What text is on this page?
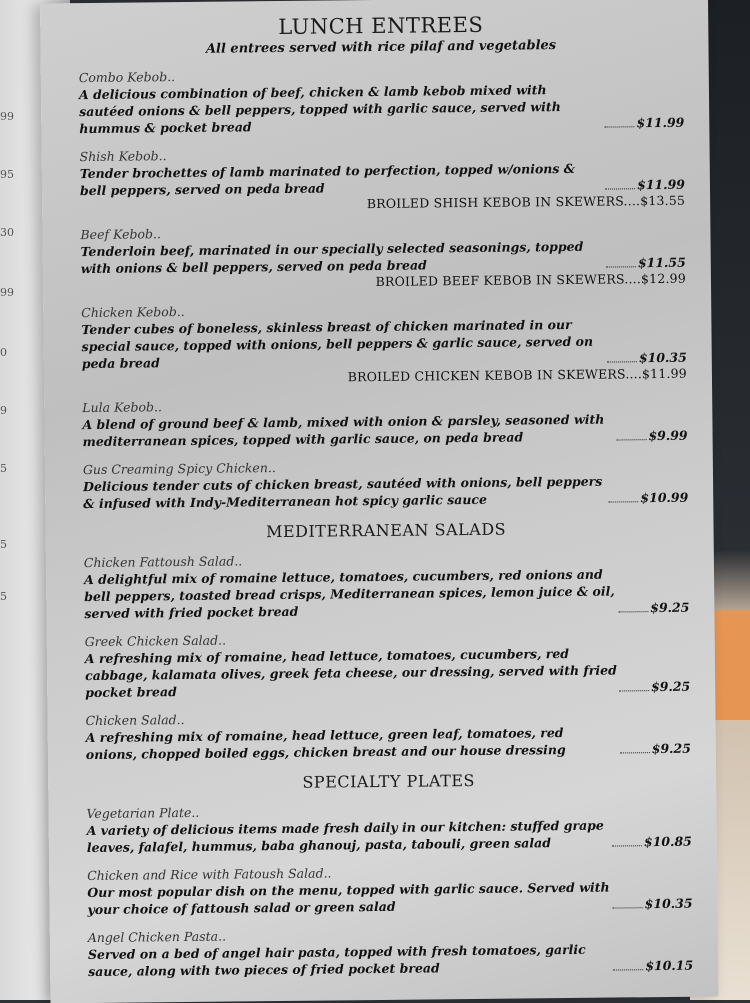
99
95
30
99
0
9
5
5
5
LUNCH ENTREES
All entrees served with rice pilaf and vegetables
Combo Kebob..
A delicious combination of beef, chicken & lamb kebob mixed with sautéed onions & bell peppers, topped with garlic sauce, served with hummus & pocket bread	$11.99
Shish Kebob..
Tender brochettes of lamb marinated to perfection, topped w/onions & bell peppers, served on peda bread	$11.99
BROILED SHISH KEBOB IN SKEWERS....$13.55
Beef Kebob..
Tenderloin beef, marinated in our specially selected seasonings, topped with onions & bell peppers, served on peda bread	$11.55
BROILED BEEF KEBOB IN SKEWERS....$12.99
Chicken Kebob..
Tender cubes of boneless, skinless breast of chicken marinated in our special sauce, topped with onions, bell peppers & garlic sauce, served on peda bread	$10.35
BROILED CHICKEN KEBOB IN SKEWERS....$11.99
Lula Kebob..
A blend of ground beef & lamb, mixed with onion & parsley, seasoned with mediterranean spices, topped with garlic sauce, on peda bread	$9.99
Gus Creaming Spicy Chicken..
Delicious tender cuts of chicken breast, sautéed with onions, bell peppers & infused with Indy-Mediterranean hot spicy garlic sauce	$10.99
MEDITERRANEAN SALADS
Chicken Fattoush Salad..
A delightful mix of romaine lettuce, tomatoes, cucumbers, red onions and bell peppers, toasted bread crisps, Mediterranean spices, lemon juice & oil, served with fried pocket bread	$9.25
Greek Chicken Salad..
A refreshing mix of romaine, head lettuce, tomatoes, cucumbers, red cabbage, kalamata olives, greek feta cheese, our dressing, served with fried pocket bread	$9.25
Chicken Salad..
A refreshing mix of romaine, head lettuce, green leaf, tomatoes, red onions, chopped boiled eggs, chicken breast and our house dressing	$9.25
SPECIALTY PLATES
Vegetarian Plate..
A variety of delicious items made fresh daily in our kitchen: stuffed grape leaves, falafel, hummus, baba ghanouj, pasta, tabouli, green salad	$10.85
Chicken and Rice with Fatoush Salad..
Our most popular dish on the menu, topped with garlic sauce. Served with your choice of fattoush salad or green salad	$10.35
Angel Chicken Pasta..
Served on a bed of angel hair pasta, topped with fresh tomatoes, garlic sauce, along with two pieces of fried pocket bread	$10.15
